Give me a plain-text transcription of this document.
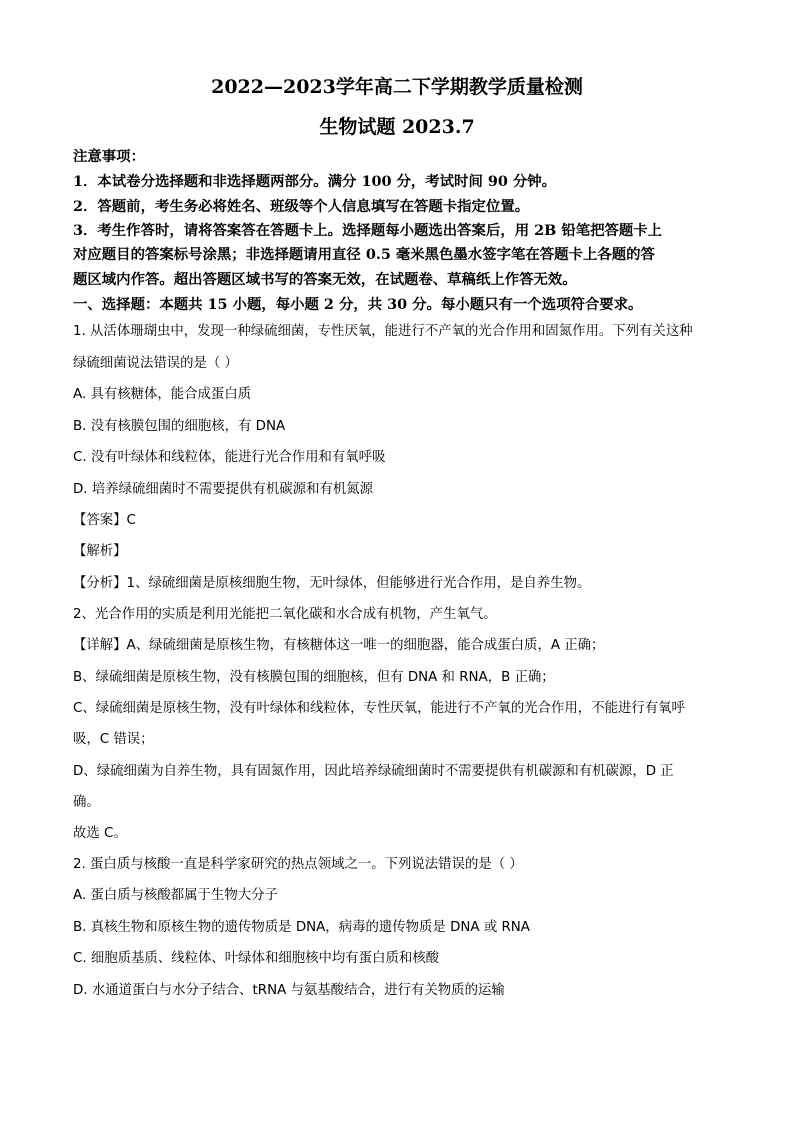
2022—2023学年高二下学期教学质量检测
生物试题 2023.7
注意事项：
1．本试卷分选择题和非选择题两部分。满分 100 分，考试时间 90 分钟。
2．答题前，考生务必将姓名、班级等个人信息填写在答题卡指定位置。
3．考生作答时，请将答案答在答题卡上。选择题每小题选出答案后，用 2B 铅笔把答题卡上
对应题目的答案标号涂黑；非选择题请用直径 0.5 毫米黑色墨水签字笔在答题卡上各题的答
题区域内作答。超出答题区域书写的答案无效，在试题卷、草稿纸上作答无效。
一、选择题：本题共 15 小题，每小题 2 分，共 30 分。每小题只有一个选项符合要求。
1. 从活体珊瑚虫中，发现一种绿硫细菌，专性厌氧，能进行不产氧的光合作用和固氮作用。下列有关这种
绿硫细菌说法错误的是（ ）
A. 具有核糖体，能合成蛋白质
B. 没有核膜包围的细胞核，有 DNA
C. 没有叶绿体和线粒体，能进行光合作用和有氧呼吸
D. 培养绿硫细菌时不需要提供有机碳源和有机氮源
【答案】C
【解析】
【分析】1、绿硫细菌是原核细胞生物，无叶绿体，但能够进行光合作用，是自养生物。
2、光合作用的实质是利用光能把二氧化碳和水合成有机物，产生氧气。
【详解】A、绿硫细菌是原核生物，有核糖体这一唯一的细胞器，能合成蛋白质，A 正确；
B、绿硫细菌是原核生物，没有核膜包围的细胞核，但有 DNA 和 RNA，B 正确；
C、绿硫细菌是原核生物，没有叶绿体和线粒体，专性厌氧，能进行不产氧的光合作用，不能进行有氧呼
吸，C 错误；
D、绿硫细菌为自养生物，具有固氮作用，因此培养绿硫细菌时不需要提供有机碳源和有机碳源，D 正
确。
故选 C。
2. 蛋白质与核酸一直是科学家研究的热点领域之一。下列说法错误的是（ ）
A. 蛋白质与核酸都属于生物大分子
B. 真核生物和原核生物的遗传物质是 DNA，病毒的遗传物质是 DNA 或 RNA
C. 细胞质基质、线粒体、叶绿体和细胞核中均有蛋白质和核酸
D. 水通道蛋白与水分子结合、tRNA 与氨基酸结合，进行有关物质的运输
